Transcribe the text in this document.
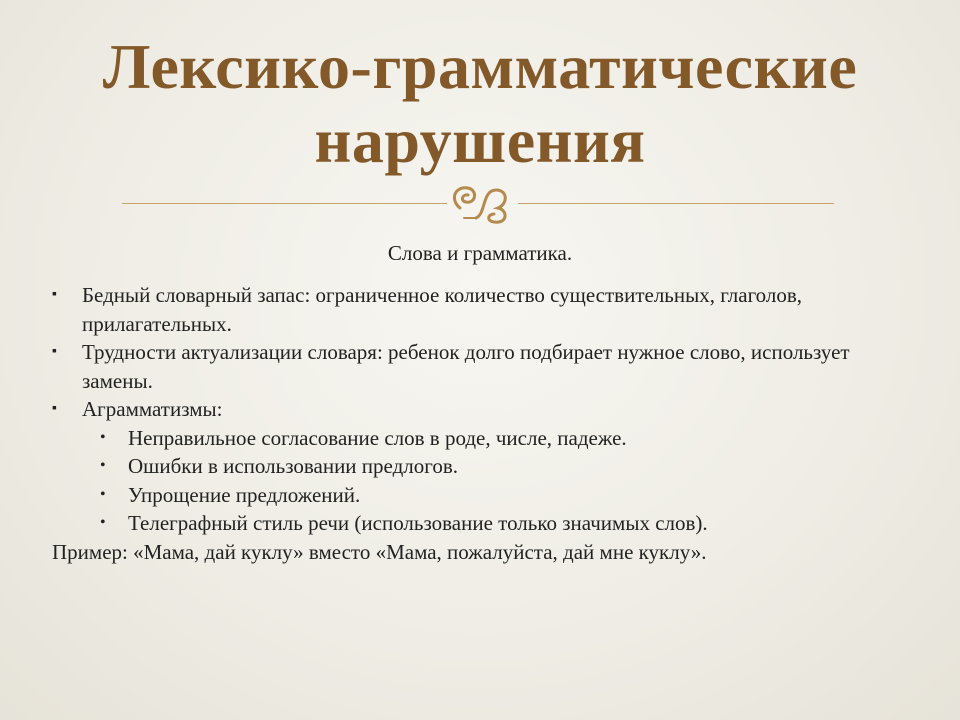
Лексико-грамматические
нарушения
Слова и грамматика.
▪	Бедный словарный запас: ограниченное количество существительных, глаголов, прилагательных.
▪	Трудности актуализации словаря: ребенок долго подбирает нужное слово, использует замены.
▪	Аграмматизмы:
•	Неправильное согласование слов в роде, числе, падеже.
•	Ошибки в использовании предлогов.
•	Упрощение предложений.
•	Телеграфный стиль речи (использование только значимых слов).
Пример: «Мама, дай куклу» вместо «Мама, пожалуйста, дай мне куклу».
